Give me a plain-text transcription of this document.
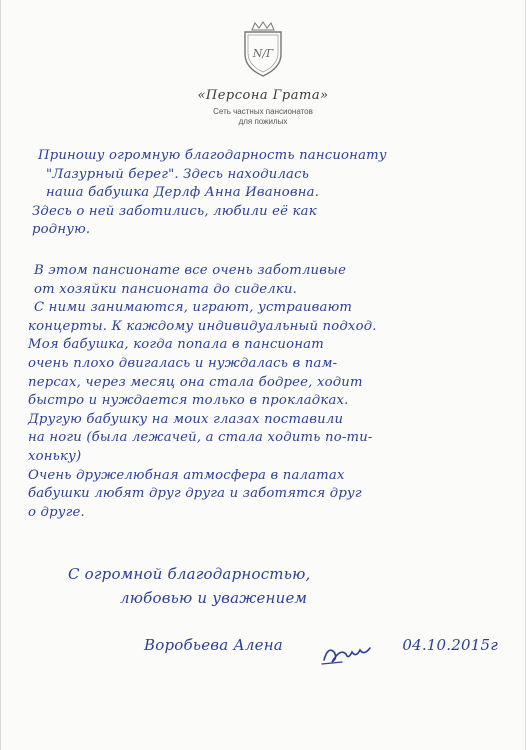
N/Г
«Персона Грата»
Сеть частных пансионатов
для пожилых
Приношу огромную благодарность пансионату
"Лазурный берег". Здесь находилась
наша бабушка Дерлф Анна Ивановна.
Здесь о ней заботились, любили её как
родную.
В этом пансионате все очень заботливые
от хозяйки пансионата до сиделки.
С ними занимаются, играют, устраивают
концерты. К каждому индивидуальный подход.
Моя бабушка, когда попала в пансионат
очень плохо двигалась и нуждалась в пам-
персах, через месяц она стала бодрее, ходит
быстро и нуждается только в прокладках.
Другую бабушку на моих глазах поставили
на ноги (была лежачей, а стала ходить по-ти-
хоньку)
Очень дружелюбная атмосфера в палатах
бабушки любят друг друга и заботятся друг
о друге.
С огромной благодарностью,
любовью и уважением
Воробьева Алена	04.10.2015г
